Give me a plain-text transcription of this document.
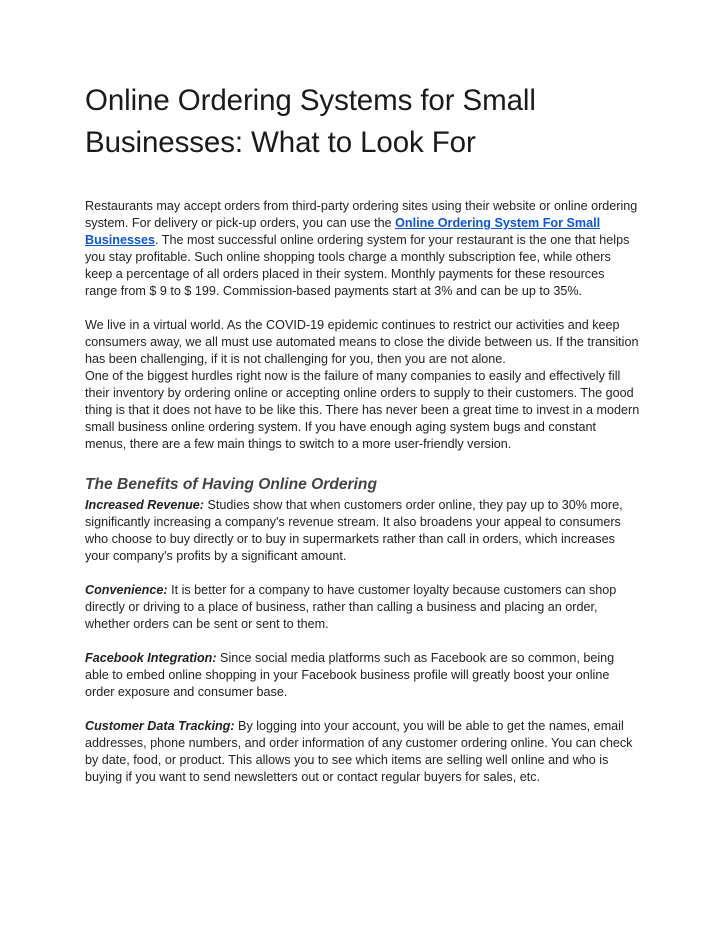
Online Ordering Systems for Small Businesses: What to Look For

Restaurants may accept orders from third-party ordering sites using their website or online ordering system. For delivery or pick-up orders, you can use the Online Ordering System For Small Businesses. The most successful online ordering system for your restaurant is the one that helps you stay profitable. Such online shopping tools charge a monthly subscription fee, while others keep a percentage of all orders placed in their system. Monthly payments for these resources range from $ 9 to $ 199. Commission-based payments start at 3% and can be up to 35%.

We live in a virtual world. As the COVID-19 epidemic continues to restrict our activities and keep consumers away, we all must use automated means to close the divide between us. If the transition has been challenging, if it is not challenging for you, then you are not alone.
One of the biggest hurdles right now is the failure of many companies to easily and effectively fill their inventory by ordering online or accepting online orders to supply to their customers. The good thing is that it does not have to be like this. There has never been a great time to invest in a modern small business online ordering system. If you have enough aging system bugs and constant menus, there are a few main things to switch to a more user-friendly version.

The Benefits of Having Online Ordering

Increased Revenue: Studies show that when customers order online, they pay up to 30% more, significantly increasing a company's revenue stream. It also broadens your appeal to consumers who choose to buy directly or to buy in supermarkets rather than call in orders, which increases your company's profits by a significant amount.

Convenience: It is better for a company to have customer loyalty because customers can shop directly or driving to a place of business, rather than calling a business and placing an order, whether orders can be sent or sent to them.

Facebook Integration: Since social media platforms such as Facebook are so common, being able to embed online shopping in your Facebook business profile will greatly boost your online order exposure and consumer base.

Customer Data Tracking: By logging into your account, you will be able to get the names, email addresses, phone numbers, and order information of any customer ordering online. You can check by date, food, or product. This allows you to see which items are selling well online and who is buying if you want to send newsletters out or contact regular buyers for sales, etc.
